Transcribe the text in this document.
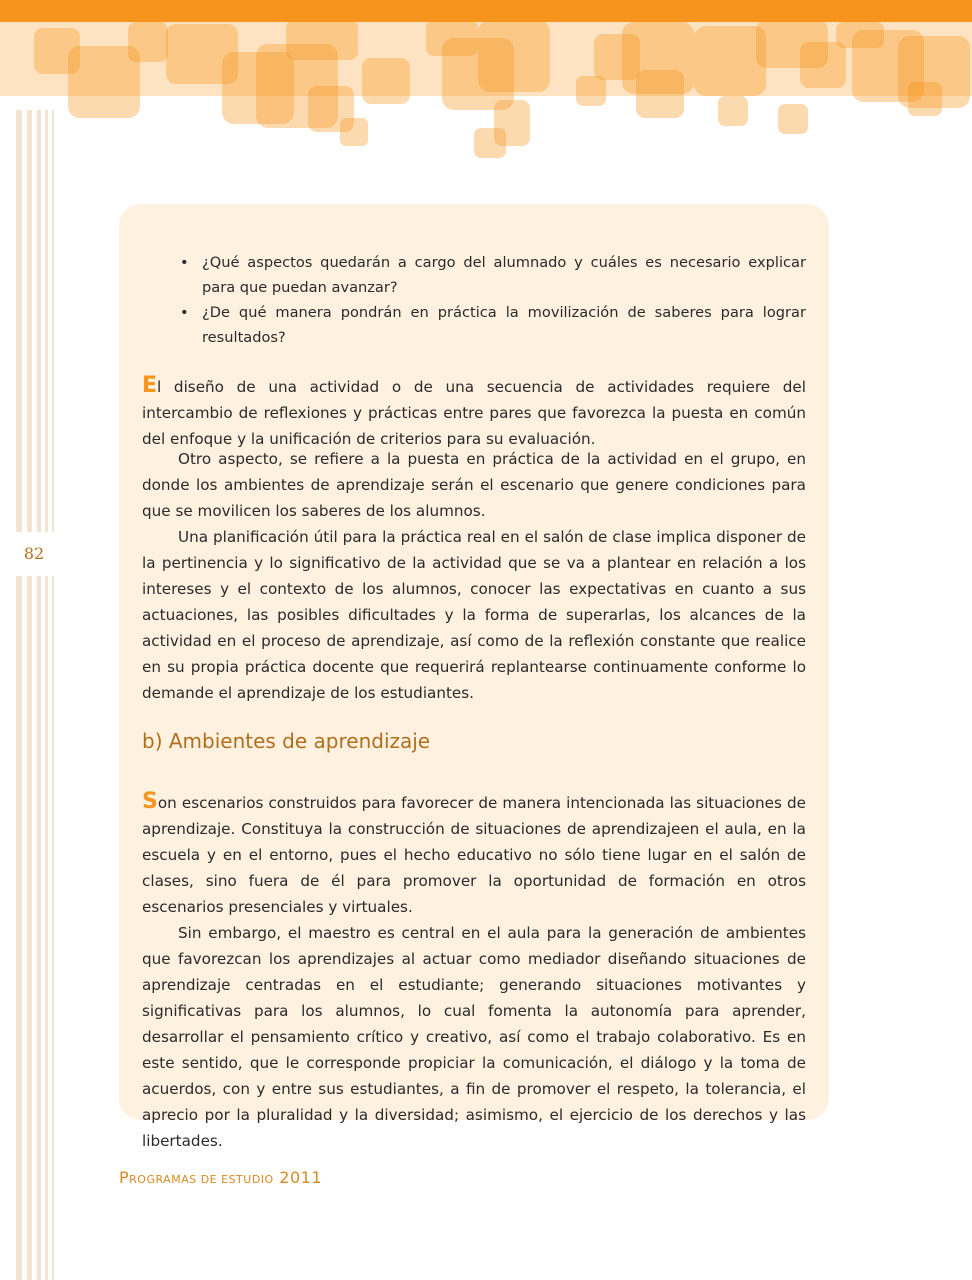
82
• ¿Qué aspectos quedarán a cargo del alumnado y cuáles es necesario explicar para que puedan avanzar?
• ¿De qué manera pondrán en práctica la movilización de saberes para lograr resultados?

El diseño de una actividad o de una secuencia de actividades requiere del intercambio de reflexiones y prácticas entre pares que favorezca la puesta en común del enfoque y la unificación de criterios para su evaluación.

Otro aspecto, se refiere a la puesta en práctica de la actividad en el grupo, en donde los ambientes de aprendizaje serán el escenario que genere condiciones para que se movilicen los saberes de los alumnos.

Una planificación útil para la práctica real en el salón de clase implica disponer de la pertinencia y lo significativo de la actividad que se va a plantear en relación a los intereses y el contexto de los alumnos, conocer las expectativas en cuanto a sus actuaciones, las posibles dificultades y la forma de superarlas, los alcances de la actividad en el proceso de aprendizaje, así como de la reflexión constante que realice en su propia práctica docente que requerirá replantearse continuamente conforme lo demande el aprendizaje de los estudiantes.

b) Ambientes de aprendizaje

Son escenarios construidos para favorecer de manera intencionada las situaciones de aprendizaje. Constituya la construcción de situaciones de aprendizajeen el aula, en la escuela y en el entorno, pues el hecho educativo no sólo tiene lugar en el salón de clases, sino fuera de él para promover la oportunidad de formación en otros escenarios presenciales y virtuales.

Sin embargo, el maestro es central en el aula para la generación de ambientes que favorezcan los aprendizajes al actuar como mediador diseñando situaciones de aprendizaje centradas en el estudiante; generando situaciones motivantes y significativas para los alumnos, lo cual fomenta la autonomía para aprender, desarrollar el pensamiento crítico y creativo, así como el trabajo colaborativo. Es en este sentido, que le corresponde propiciar la comunicación, el diálogo y la toma de acuerdos, con y entre sus estudiantes, a fin de promover el respeto, la tolerancia, el aprecio por la pluralidad y la diversidad; asimismo, el ejercicio de los derechos y las libertades.

PROGRAMAS DE ESTUDIO 2011
